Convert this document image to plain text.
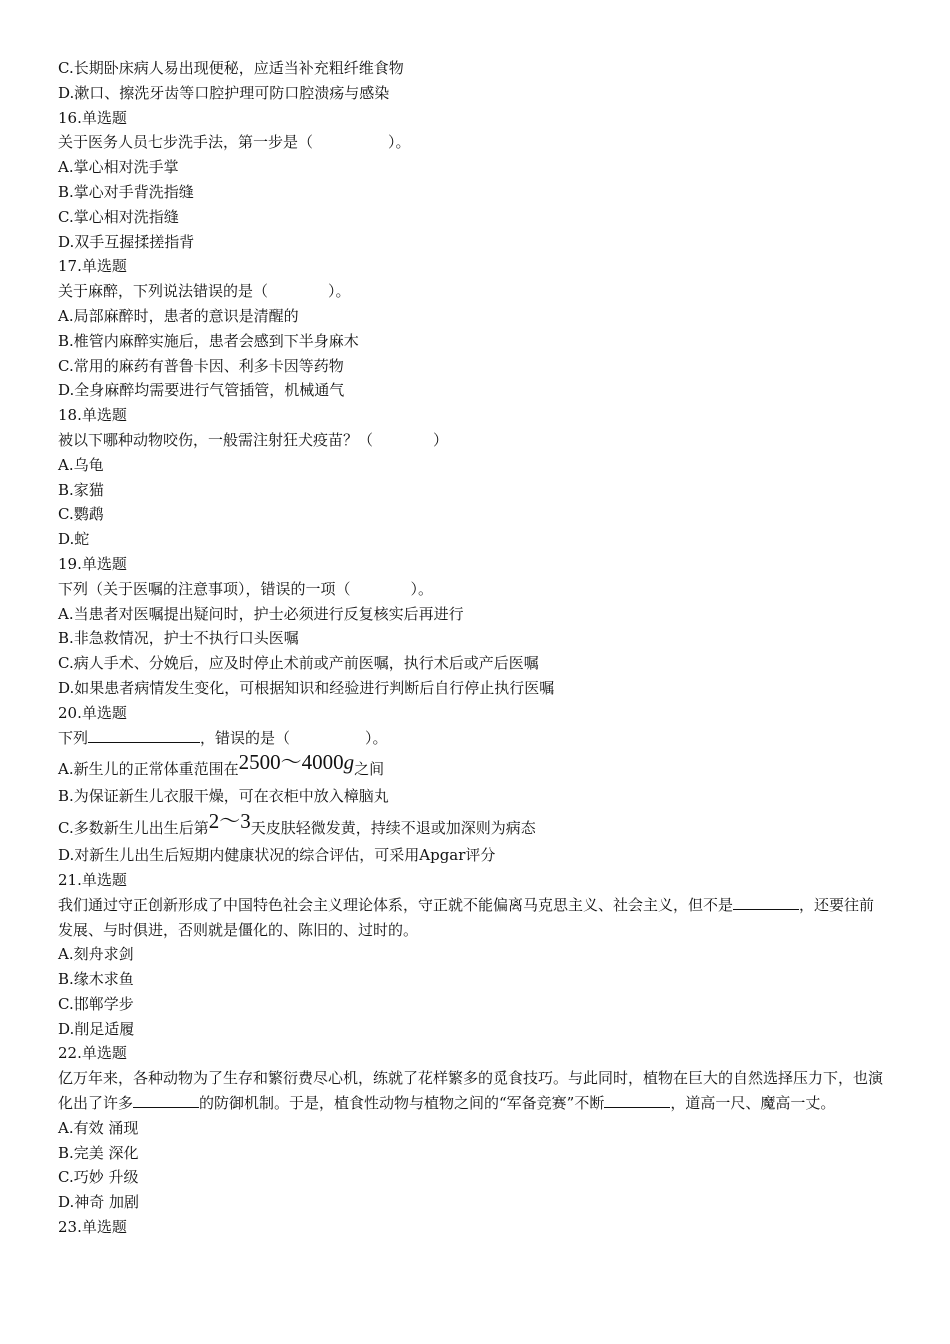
C.长期卧床病人易出现便秘，应适当补充粗纤维食物
D.漱口、擦洗牙齿等口腔护理可防口腔溃疡与感染
16.单选题
关于医务人员七步洗手法，第一步是（　　　　　）。
A.掌心相对洗手掌
B.掌心对手背洗指缝
C.掌心相对洗指缝
D.双手互握揉搓指背
17.单选题
关于麻醉，下列说法错误的是（　　　　）。
A.局部麻醉时，患者的意识是清醒的
B.椎管内麻醉实施后，患者会感到下半身麻木
C.常用的麻药有普鲁卡因、利多卡因等药物
D.全身麻醉均需要进行气管插管，机械通气
18.单选题
被以下哪种动物咬伤，一般需注射狂犬疫苗？（　　　　）
A.乌龟
B.家猫
C.鹦鹉
D.蛇
19.单选题
下列（关于医嘱的注意事项），错误的一项（　　　　）。
A.当患者对医嘱提出疑问时，护士必须进行反复核实后再进行
B.非急救情况，护士不执行口头医嘱
C.病人手术、分娩后，应及时停止术前或产前医嘱，执行术后或产后医嘱
D.如果患者病情发生变化，可根据知识和经验进行判断后自行停止执行医嘱
20.单选题
下列	，错误的是（　　　　　）。
A.新生儿的正常体重范围在2500～4000g之间
B.为保证新生儿衣服干燥，可在衣柜中放入樟脑丸
C.多数新生儿出生后第2～3天皮肤轻微发黄，持续不退或加深则为病态
D.对新生儿出生后短期内健康状况的综合评估，可采用Apgar评分
21.单选题
我们通过守正创新形成了中国特色社会主义理论体系，守正就不能偏离马克思主义、社会主义，但不是	，还要往前发展、与时俱进，否则就是僵化的、陈旧的、过时的。
A.刻舟求剑
B.缘木求鱼
C.邯郸学步
D.削足适履
22.单选题
亿万年来，各种动物为了生存和繁衍费尽心机，练就了花样繁多的觅食技巧。与此同时，植物在巨大的自然选择压力下，也演化出了许多	的防御机制。于是，植食性动物与植物之间的“军备竞赛”不断	，道高一尺、魔高一丈。
A.有效 涌现
B.完美 深化
C.巧妙 升级
D.神奇 加剧
23.单选题
